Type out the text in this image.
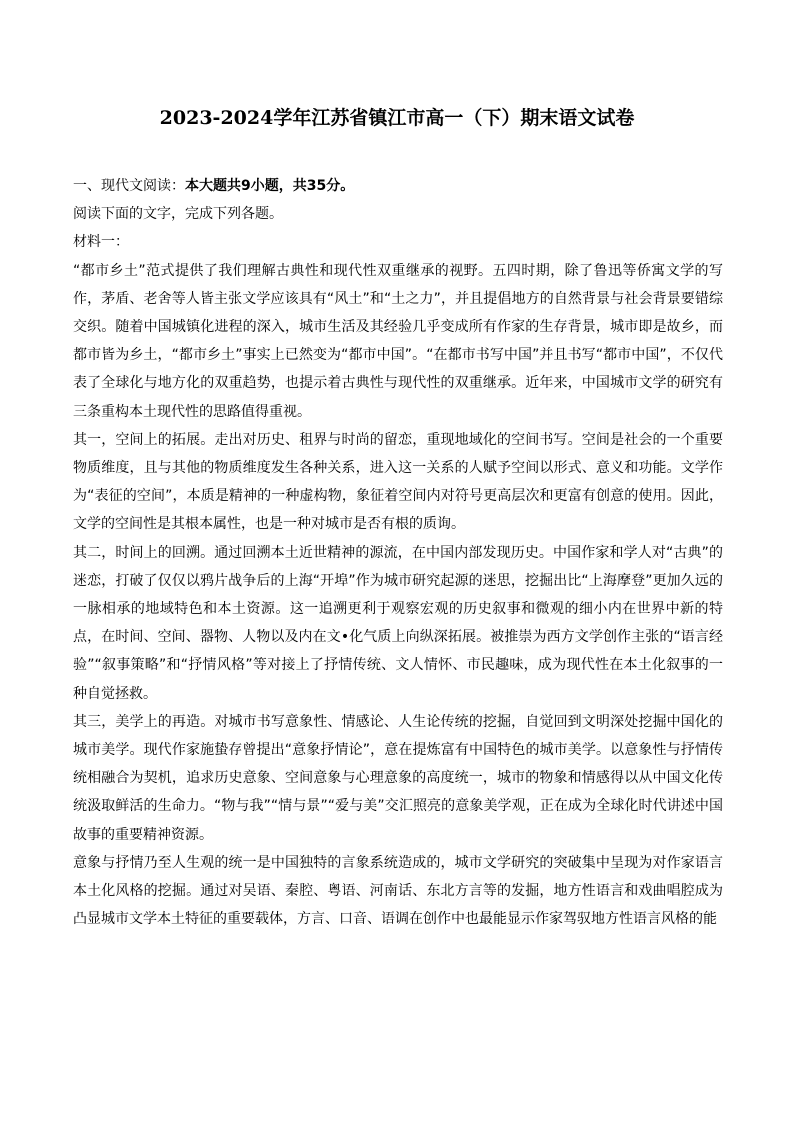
2023-2024学年江苏省镇江市高一（下）期末语文试卷

一、现代文阅读：本大题共9小题，共35分。

阅读下面的文字，完成下列各题。

材料一：

“都市乡土”范式提供了我们理解古典性和现代性双重继承的视野。五四时期，除了鲁迅等侨寓文学的写作，茅盾、老舍等人皆主张文学应该具有“风土”和“土之力”，并且提倡地方的自然背景与社会背景要错综交织。随着中国城镇化进程的深入，城市生活及其经验几乎变成所有作家的生存背景，城市即是故乡，而都市皆为乡土，“都市乡土”事实上已然变为“都市中国”。“在都市书写中国”并且书写“都市中国”，不仅代表了全球化与地方化的双重趋势，也提示着古典性与现代性的双重继承。近年来，中国城市文学的研究有三条重构本土现代性的思路值得重视。

其一，空间上的拓展。走出对历史、租界与时尚的留恋，重现地域化的空间书写。空间是社会的一个重要物质维度，且与其他的物质维度发生各种关系，进入这一关系的人赋予空间以形式、意义和功能。文学作为“表征的空间”，本质是精神的一种虚构物，象征着空间内对符号更高层次和更富有创意的使用。因此，文学的空间性是其根本属性，也是一种对城市是否有根的质询。

其二，时间上的回溯。通过回溯本土近世精神的源流，在中国内部发现历史。中国作家和学人对“古典”的迷恋，打破了仅仅以鸦片战争后的上海“开埠”作为城市研究起源的迷思，挖掘出比“上海摩登”更加久远的一脉相承的地域特色和本土资源。这一追溯更利于观察宏观的历史叙事和微观的细小内在世界中新的特点，在时间、空间、器物、人物以及内在文•化气质上向纵深拓展。被推崇为西方文学创作主张的“语言经验”“叙事策略”和“抒情风格”等对接上了抒情传统、文人情怀、市民趣味，成为现代性在本土化叙事的一种自觉拯救。

其三，美学上的再造。对城市书写意象性、情感论、人生论传统的挖掘，自觉回到文明深处挖掘中国化的城市美学。现代作家施蛰存曾提出“意象抒情论”，意在提炼富有中国特色的城市美学。以意象性与抒情传统相融合为契机，追求历史意象、空间意象与心理意象的高度统一，城市的物象和情感得以从中国文化传统汲取鲜活的生命力。“物与我”“情与景”“爱与美”交汇照亮的意象美学观，正在成为全球化时代讲述中国故事的重要精神资源。

意象与抒情乃至人生观的统一是中国独特的言象系统造成的，城市文学研究的突破集中呈现为对作家语言本土化风格的挖掘。通过对吴语、秦腔、粤语、河南话、东北方言等的发掘，地方性语言和戏曲唱腔成为凸显城市文学本土特征的重要载体，方言、口音、语调在创作中也最能显示作家驾驭地方性语言风格的能
